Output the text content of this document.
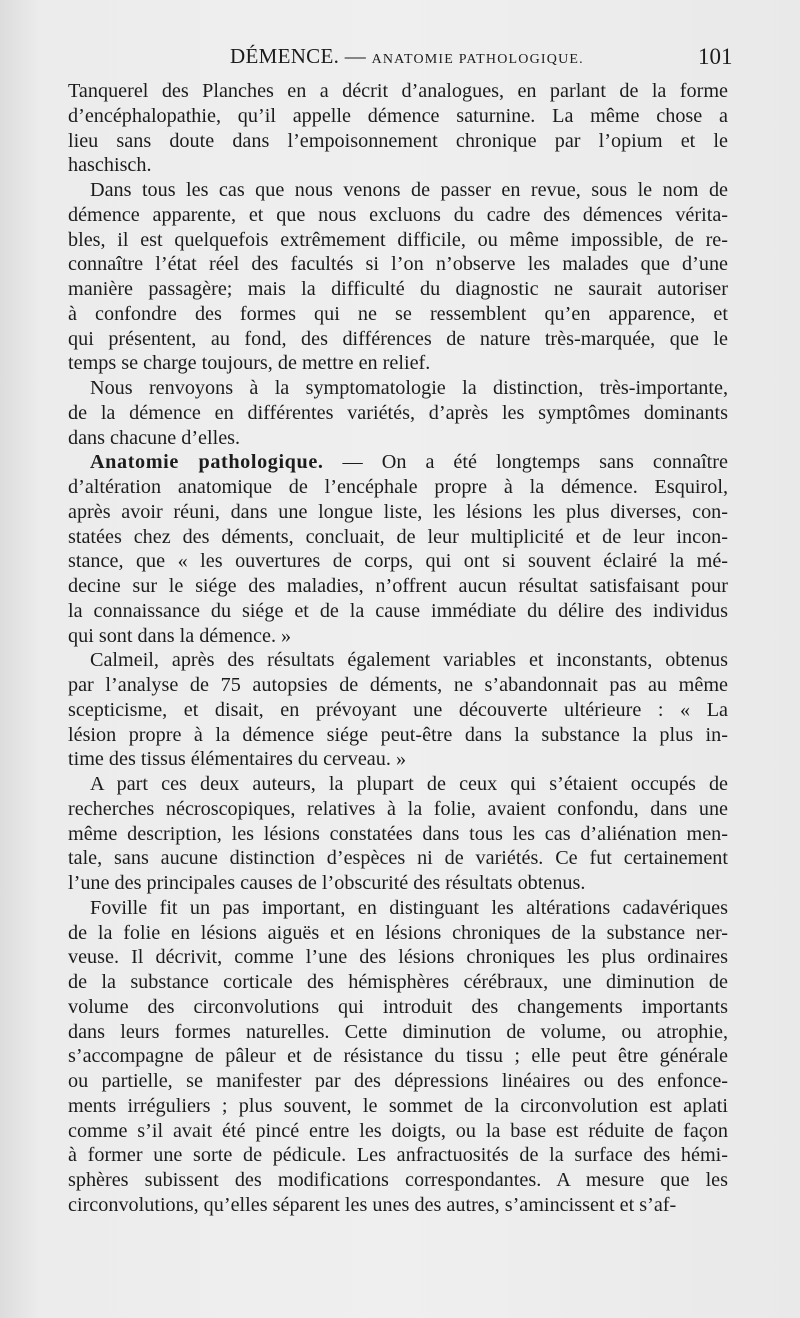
DÉMENCE. — ANATOMIE PATHOLOGIQUE.	101
Tanquerel des Planches en a décrit d’analogues, en parlant de la forme
d’encéphalopathie, qu’il appelle démence saturnine. La même chose a
lieu sans doute dans l’empoisonnement chronique par l’opium et le
haschisch.
Dans tous les cas que nous venons de passer en revue, sous le nom de
démence apparente, et que nous excluons du cadre des démences vérita-
bles, il est quelquefois extrêmement difficile, ou même impossible, de re-
connaître l’état réel des facultés si l’on n’observe les malades que d’une
manière passagère; mais la difficulté du diagnostic ne saurait autoriser
à confondre des formes qui ne se ressemblent qu’en apparence, et
qui présentent, au fond, des différences de nature très-marquée, que le
temps se charge toujours, de mettre en relief.
Nous renvoyons à la symptomatologie la distinction, très-importante,
de la démence en différentes variétés, d’après les symptômes dominants
dans chacune d’elles.
Anatomie pathologique. — On a été longtemps sans connaître
d’altération anatomique de l’encéphale propre à la démence. Esquirol,
après avoir réuni, dans une longue liste, les lésions les plus diverses, con-
statées chez des déments, concluait, de leur multiplicité et de leur incon-
stance, que « les ouvertures de corps, qui ont si souvent éclairé la mé-
decine sur le siége des maladies, n’offrent aucun résultat satisfaisant pour
la connaissance du siége et de la cause immédiate du délire des individus
qui sont dans la démence. »
Calmeil, après des résultats également variables et inconstants, obtenus
par l’analyse de 75 autopsies de déments, ne s’abandonnait pas au même
scepticisme, et disait, en prévoyant une découverte ultérieure : « La
lésion propre à la démence siége peut-être dans la substance la plus in-
time des tissus élémentaires du cerveau. »
A part ces deux auteurs, la plupart de ceux qui s’étaient occupés de
recherches nécroscopiques, relatives à la folie, avaient confondu, dans une
même description, les lésions constatées dans tous les cas d’aliénation men-
tale, sans aucune distinction d’espèces ni de variétés. Ce fut certainement
l’une des principales causes de l’obscurité des résultats obtenus.
Foville fit un pas important, en distinguant les altérations cadavériques
de la folie en lésions aiguës et en lésions chroniques de la substance ner-
veuse. Il décrivit, comme l’une des lésions chroniques les plus ordinaires
de la substance corticale des hémisphères cérébraux, une diminution de
volume des circonvolutions qui introduit des changements importants
dans leurs formes naturelles. Cette diminution de volume, ou atrophie,
s’accompagne de pâleur et de résistance du tissu ; elle peut être générale
ou partielle, se manifester par des dépressions linéaires ou des enfonce-
ments irréguliers ; plus souvent, le sommet de la circonvolution est aplati
comme s’il avait été pincé entre les doigts, ou la base est réduite de façon
à former une sorte de pédicule. Les anfractuosités de la surface des hémi-
sphères subissent des modifications correspondantes. A mesure que les
circonvolutions, qu’elles séparent les unes des autres, s’amincissent et s’af-
